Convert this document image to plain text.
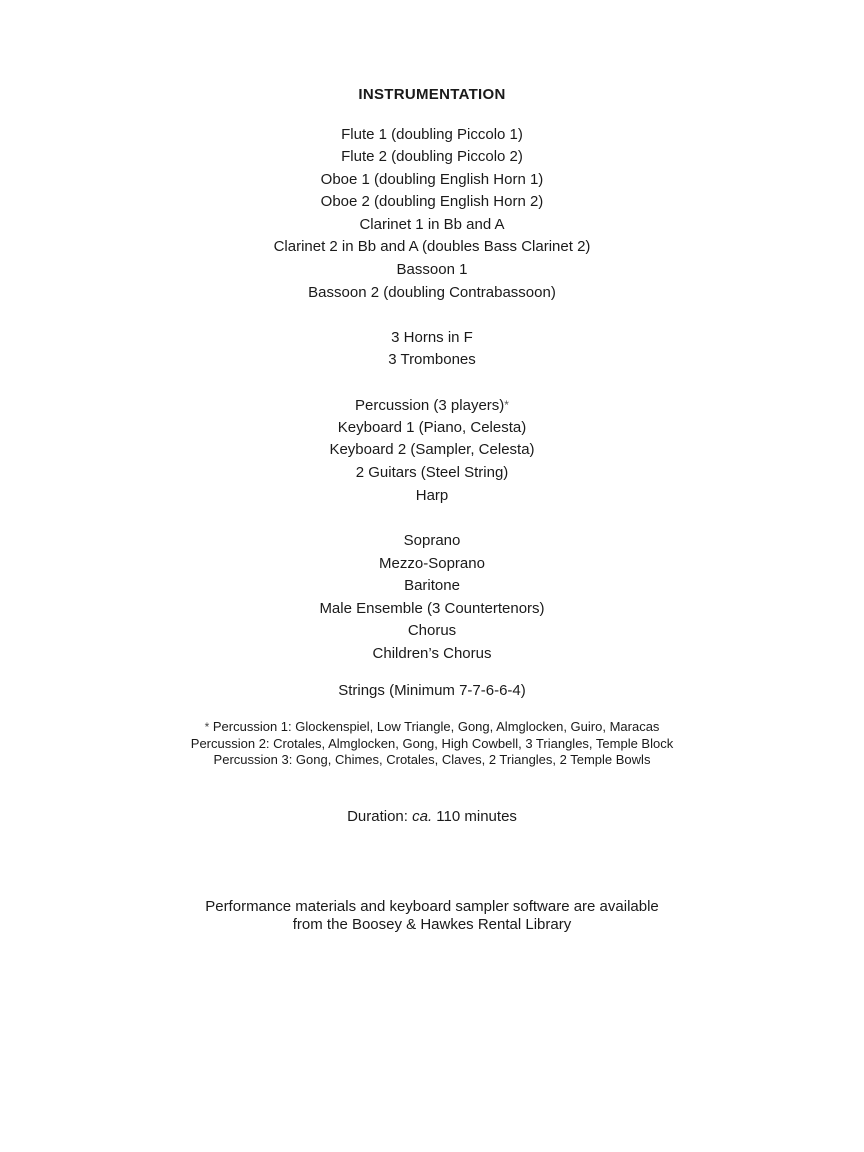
INSTRUMENTATION
Flute 1 (doubling Piccolo 1)
Flute 2 (doubling Piccolo 2)
Oboe 1 (doubling English Horn 1)
Oboe 2 (doubling English Horn 2)
Clarinet 1 in Bb and A
Clarinet 2 in Bb and A (doubles Bass Clarinet 2)
Bassoon 1
Bassoon 2 (doubling Contrabassoon)
3 Horns in F
3 Trombones
Percussion (3 players)*
Keyboard 1 (Piano, Celesta)
Keyboard 2 (Sampler, Celesta)
2 Guitars (Steel String)
Harp
Soprano
Mezzo-Soprano
Baritone
Male Ensemble (3 Countertenors)
Chorus
Children’s Chorus
Strings (Minimum 7-7-6-6-4)
* Percussion 1: Glockenspiel, Low Triangle, Gong, Almglocken, Guiro, Maracas
Percussion 2: Crotales, Almglocken, Gong, High Cowbell, 3 Triangles, Temple Block
Percussion 3: Gong, Chimes, Crotales, Claves, 2 Triangles, 2 Temple Bowls
Duration: ca. 110 minutes
Performance materials and keyboard sampler software are available
from the Boosey & Hawkes Rental Library
